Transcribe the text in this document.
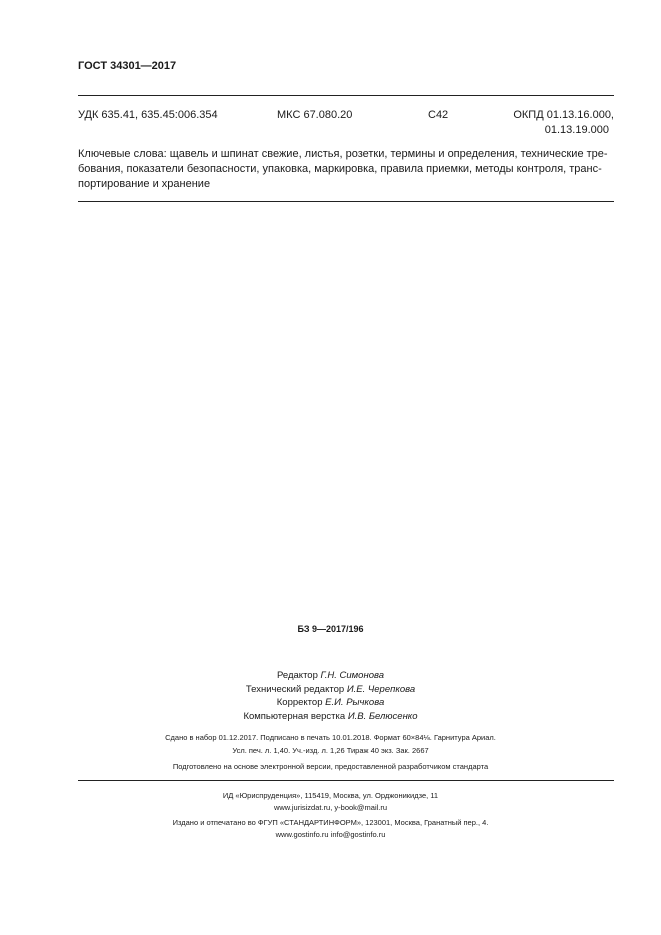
ГОСТ 34301—2017
УДК 635.41, 635.45:006.354	МКС 67.080.20	С42	ОКПД 01.13.16.000,
01.13.19.000

Ключевые слова: щавель и шпинат свежие, листья, розетки, термины и определения, технические тре-

бования, показатели безопасности, упаковка, маркировка, правила приемки, методы контроля, транс-

портирование и хранение

БЗ 9—2017/196
Редактор Г.Н. Симонова
Технический редактор И.Е. Черепкова
Корректор Е.И. Рычкова
Компьютерная верстка И.В. Белюсенко
Сдано в набор 01.12.2017. Подписано в печать 10.01.2018. Формат 60×84⅛. Гарнитура Ариал.
Усл. печ. л. 1,40. Уч.-изд. л. 1,26 Тираж 40 экз. Зак. 2667
Подготовлено на основе электронной версии, предоставленной разработчиком стандарта
ИД «Юриспруденция», 115419, Москва, ул. Орджоникидзе, 11
www.jurisizdat.ru, y-book@mail.ru
Издано и отпечатано во ФГУП «СТАНДАРТИНФОРМ», 123001, Москва, Гранатный пер., 4.
www.gostinfo.ru info@gostinfo.ru
